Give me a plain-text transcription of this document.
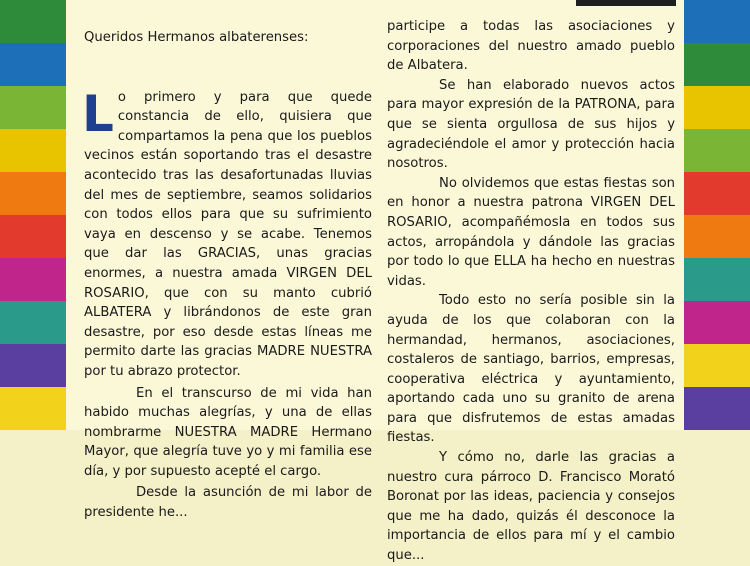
Queridos Hermanos albaterenses:

Lo primero y para que quede constancia de ello, quisiera que compartamos la pena que los pueblos vecinos están soportando tras el desastre acontecido tras las desafortunadas lluvias del mes de septiembre, seamos solidarios con todos ellos para que su sufrimiento vaya en descenso y se acabe. Tenemos que dar las GRACIAS, unas gracias enormes, a nuestra amada VIRGEN DEL ROSARIO, que con su manto cubrió ALBATERA y librándonos de este gran desastre, por eso desde estas líneas me permito darte las gracias MADRE NUESTRA por tu abrazo protector.

En el transcurso de mi vida han habido muchas alegrías, y una de ellas nombrarme NUESTRA MADRE Hermano Mayor, que alegría tuve yo y mi familia ese día, y por supuesto acepté el cargo.

Desde la asunción de mi labor de presidente he...

participe a todas las asociaciones y corporaciones del nuestro amado pueblo de Albatera.

Se han elaborado nuevos actos para mayor expresión de la PATRONA, para que se sienta orgullosa de sus hijos y agradeciéndole el amor y protección hacia nosotros.

No olvidemos que estas fiestas son en honor a nuestra patrona VIRGEN DEL ROSARIO, acompañémosla en todos sus actos, arropándola y dándole las gracias por todo lo que ELLA ha hecho en nuestras vidas.

Todo esto no sería posible sin la ayuda de los que colaboran con la hermandad, hermanos, asociaciones, costaleros de santiago, barrios, empresas, cooperativa eléctrica y ayuntamiento, aportando cada uno su granito de arena para que disfrutemos de estas amadas fiestas.

Y cómo no, darle las gracias a nuestro cura párroco D. Francisco Morató Boronat por las ideas, paciencia y consejos que me ha dado, quizás él desconoce la importancia de ellos para mí y el cambio que...
